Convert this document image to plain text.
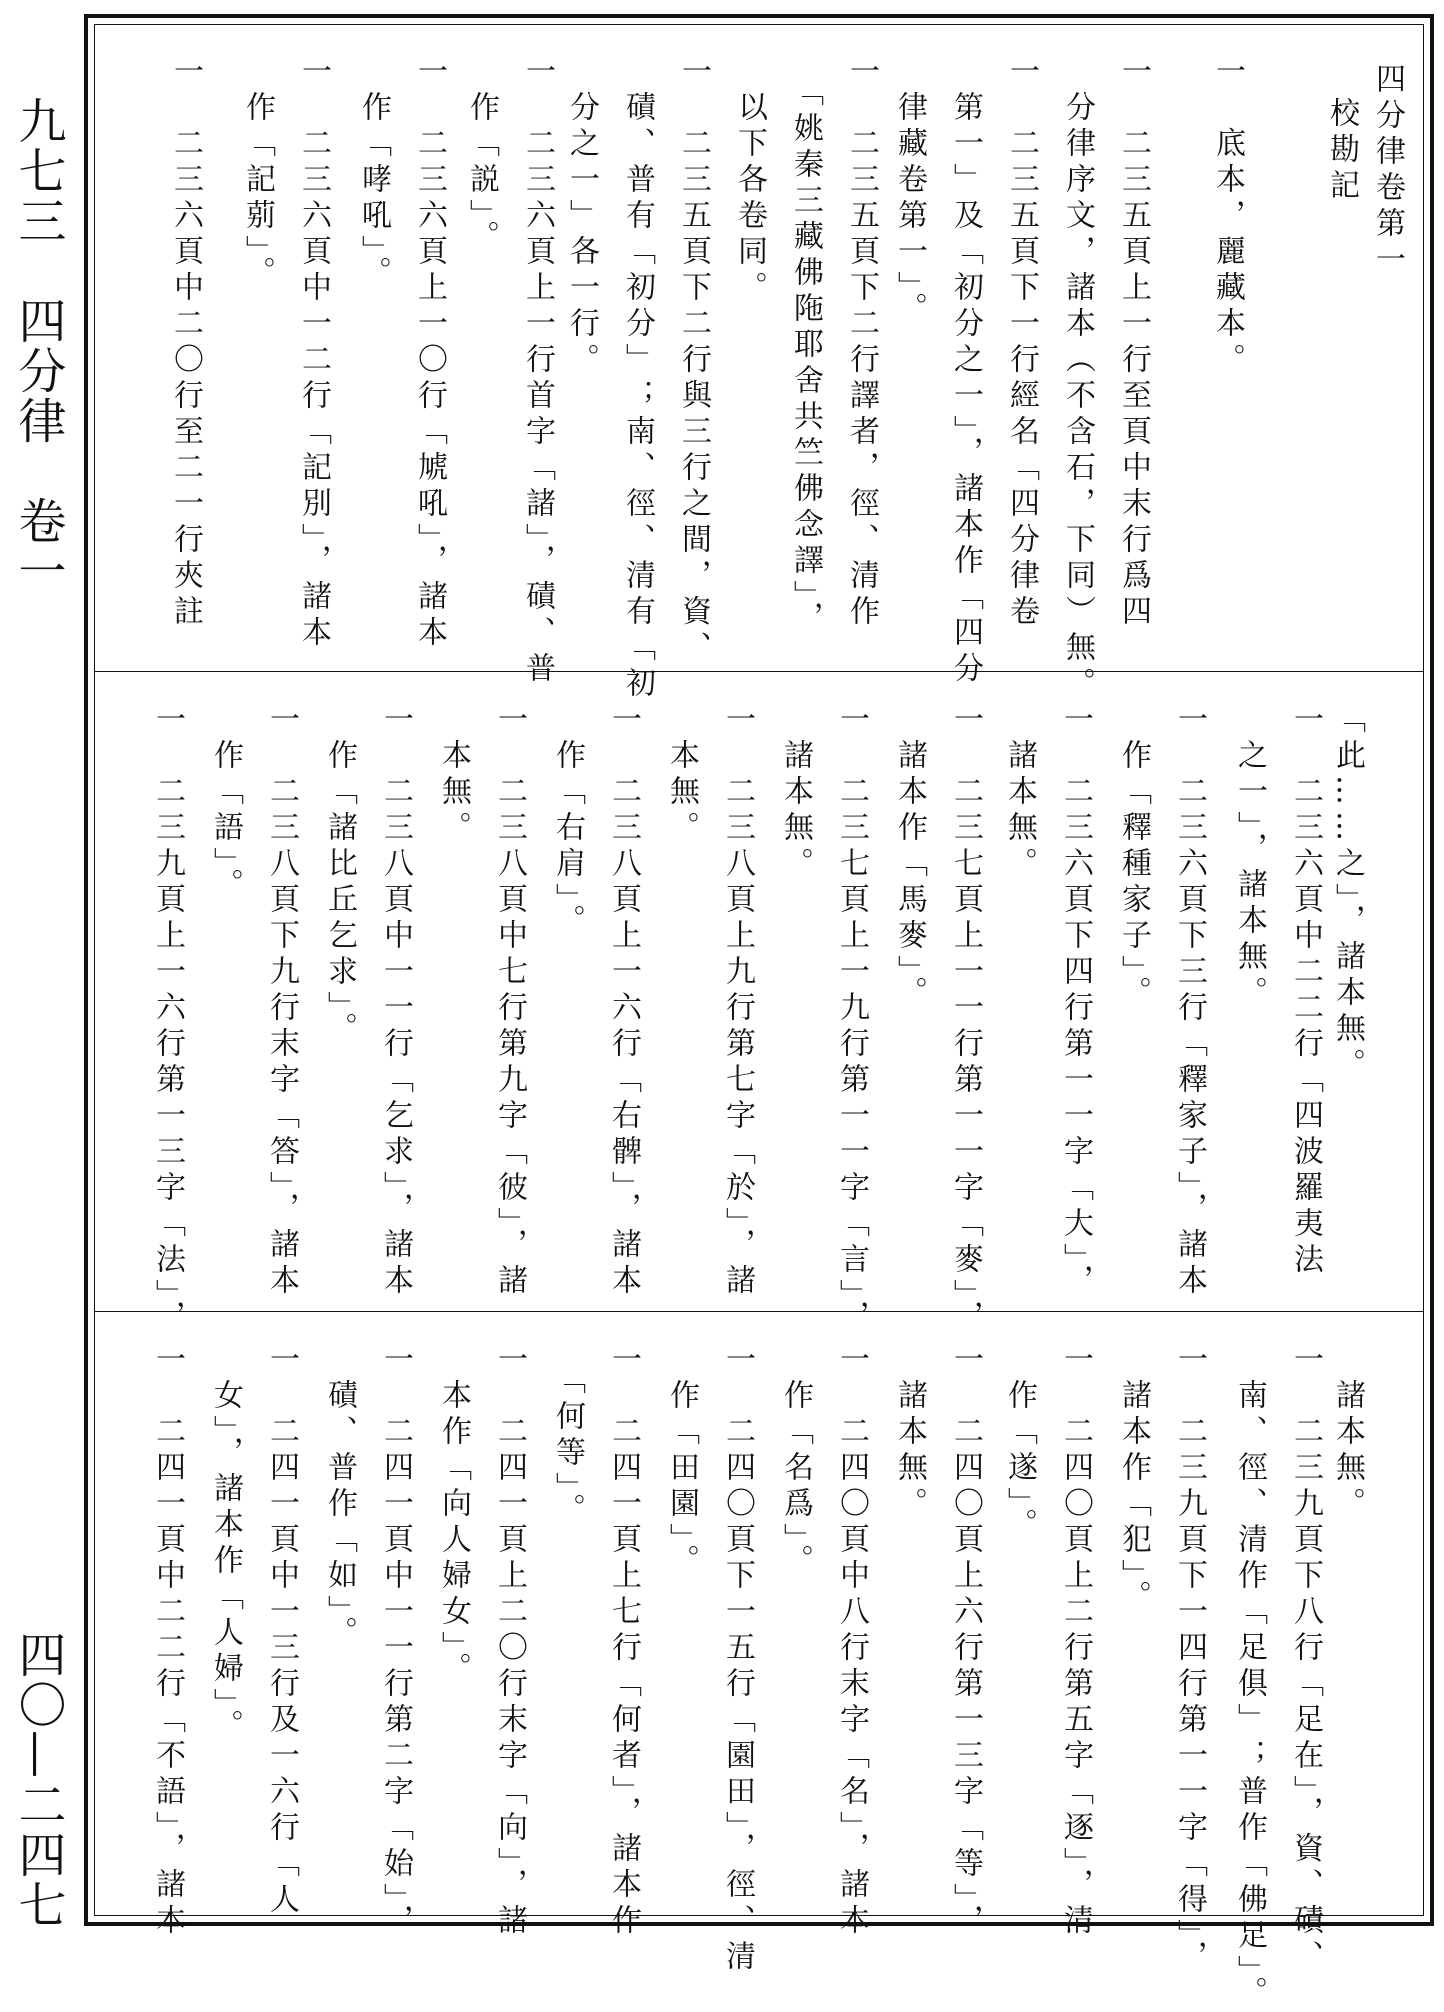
九七三　四分律　卷一
四〇—二四七
四分律卷第一
校勘記
一　底本，麗藏本。
一　二三五頁上一行至頁中末行爲四
　分律序文，諸本（不含石，下同）無。
一　二三五頁下一行經名「四分律卷
　第一」及「初分之一」，諸本作「四分
　律藏卷第一」。
一　二三五頁下二行譯者，徑、清作
　「姚秦三藏佛陁耶舍共竺佛念譯」，
　以下各卷同。
一　二三五頁下二行與三行之間，資、
　磧、普有「初分」；南、徑、清有「初
　分之一」各一行。
一　二三六頁上一行首字「諸」，磧、普
　作「説」。
一　二三六頁上一〇行「虓吼」，諸本
　作「哮吼」。
一　二三六頁中一二行「記別」，諸本
　作「記莂」。
一　二三六頁中二〇行至二一行夾註
「此……之」，諸本無。
一　二三六頁中二二行「四波羅夷法
　之一」，諸本無。
一　二三六頁下三行「釋家子」，諸本
　作「釋種家子」。
一　二三六頁下四行第一一字「大」，
　諸本無。
一　二三七頁上一一行第一一字「麥」，
　諸本作「馬麥」。
一　二三七頁上一九行第一一字「言」，
　諸本無。
一　二三八頁上九行第七字「於」，諸
　本無。
一　二三八頁上一六行「右髀」，諸本
　作「右肩」。
一　二三八頁中七行第九字「彼」，諸
　本無。
一　二三八頁中一一行「乞求」，諸本
　作「諸比丘乞求」。
一　二三八頁下九行末字「答」，諸本
　作「語」。
一　二三九頁上一六行第一三字「法」，
　諸本無。
一　二三九頁下八行「足在」，資、磧、
　南、徑、清作「足俱」；普作「佛足」。
一　二三九頁下一四行第一一字「得」，
　諸本作「犯」。
一　二四〇頁上二行第五字「逐」，清
　作「遂」。
一　二四〇頁上六行第一三字「等」，
　諸本無。
一　二四〇頁中八行末字「名」，諸本
　作「名爲」。
一　二四〇頁下一五行「園田」，徑、清
　作「田園」。
一　二四一頁上七行「何者」，諸本作
　「何等」。
一　二四一頁上二〇行末字「向」，諸
　本作「向人婦女」。
一　二四一頁中一一行第二字「始」，
　磧、普作「如」。
一　二四一頁中一三行及一六行「人
　女」，諸本作「人婦」。
一　二四一頁中二二行「不語」，諸本
